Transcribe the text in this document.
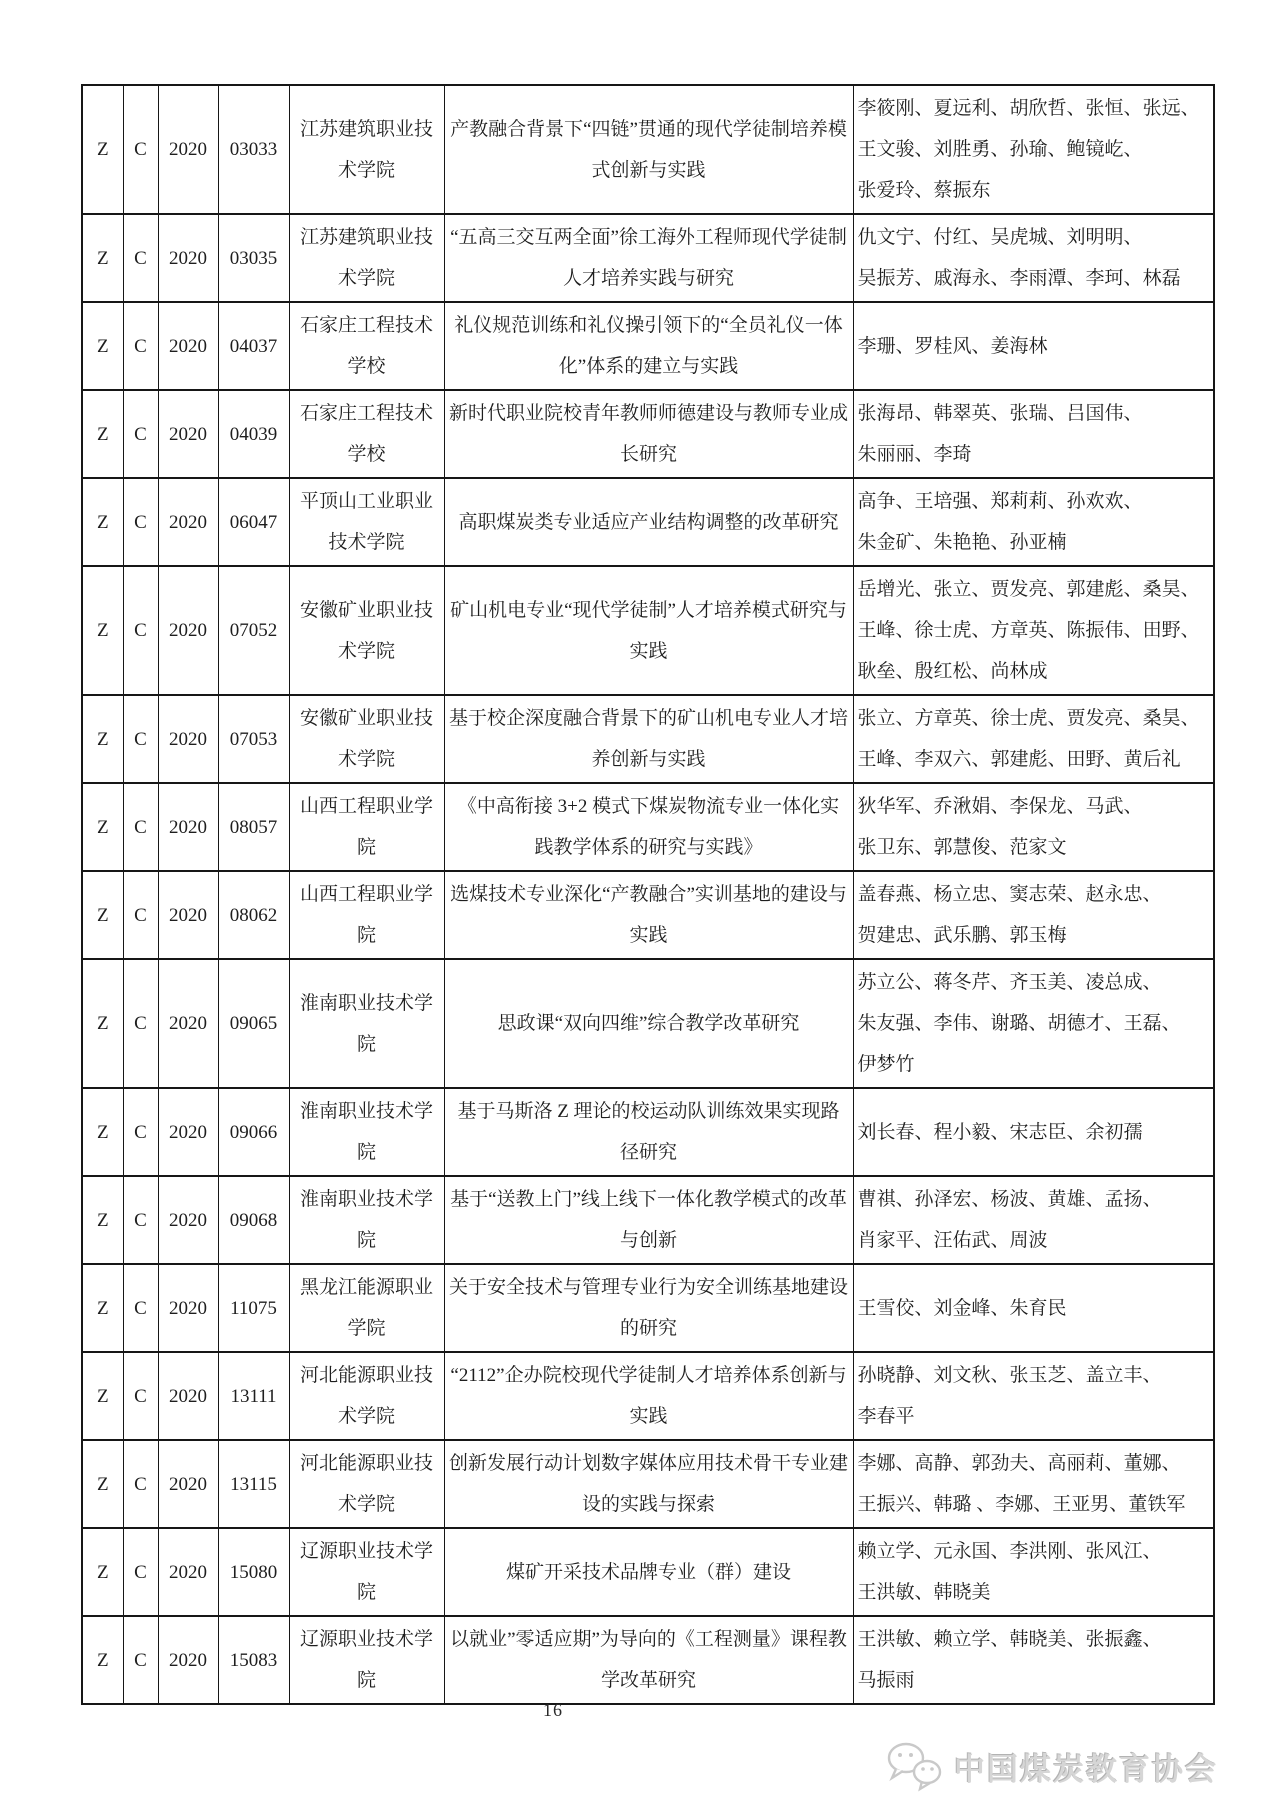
Z	C	2020	03033	江苏建筑职业技术学院	产教融合背景下“四链”贯通的现代学徒制培养模式创新与实践	李筱刚、夏远利、胡欣哲、张恒、张远、王文骏、刘胜勇、孙瑜、鲍镜屹、张爱玲、蔡振东
Z	C	2020	03035	江苏建筑职业技术学院	“五高三交互两全面”徐工海外工程师现代学徒制人才培养实践与研究	仇文宁、付红、吴虎城、刘明明、吴振芳、戚海永、李雨潭、李珂、林磊
Z	C	2020	04037	石家庄工程技术学校	礼仪规范训练和礼仪操引领下的“全员礼仪一体化”体系的建立与实践	李珊、罗桂风、姜海林
Z	C	2020	04039	石家庄工程技术学校	新时代职业院校青年教师师德建设与教师专业成长研究	张海昂、韩翠英、张瑞、吕国伟、朱丽丽、李琦
Z	C	2020	06047	平顶山工业职业技术学院	高职煤炭类专业适应产业结构调整的改革研究	高争、王培强、郑莉莉、孙欢欢、朱金矿、朱艳艳、孙亚楠
Z	C	2020	07052	安徽矿业职业技术学院	矿山机电专业“现代学徒制”人才培养模式研究与实践	岳增光、张立、贾发亮、郭建彪、桑昊、王峰、徐士虎、方章英、陈振伟、田野、耿垒、殷红松、尚林成
Z	C	2020	07053	安徽矿业职业技术学院	基于校企深度融合背景下的矿山机电专业人才培养创新与实践	张立、方章英、徐士虎、贾发亮、桑昊、王峰、李双六、郭建彪、田野、黄后礼
Z	C	2020	08057	山西工程职业学院	《中高衔接 3+2 模式下煤炭物流专业一体化实践教学体系的研究与实践》	狄华军、乔湫娟、李保龙、马武、张卫东、郭慧俊、范家文
Z	C	2020	08062	山西工程职业学院	选煤技术专业深化“产教融合”实训基地的建设与实践	盖春燕、杨立忠、窦志荣、赵永忠、贺建忠、武乐鹏、郭玉梅
Z	C	2020	09065	淮南职业技术学院	思政课“双向四维”综合教学改革研究	苏立公、蒋冬芹、齐玉美、凌总成、朱友强、李伟、谢璐、胡德才、王磊、伊梦竹
Z	C	2020	09066	淮南职业技术学院	基于马斯洛 Z 理论的校运动队训练效果实现路径研究	刘长春、程小毅、宋志臣、余初孺
Z	C	2020	09068	淮南职业技术学院	基于“送教上门”线上线下一体化教学模式的改革与创新	曹祺、孙泽宏、杨波、黄雄、孟扬、肖家平、汪佑武、周波
Z	C	2020	11075	黑龙江能源职业学院	关于安全技术与管理专业行为安全训练基地建设的研究	王雪佼、刘金峰、朱育民
Z	C	2020	13111	河北能源职业技术学院	“2112”企办院校现代学徒制人才培养体系创新与实践	孙晓静、刘文秋、张玉芝、盖立丰、李春平
Z	C	2020	13115	河北能源职业技术学院	创新发展行动计划数字媒体应用技术骨干专业建设的实践与探索	李娜、高静、郭劲夫、高丽莉、董娜、王振兴、韩璐 、李娜、王亚男、董铁军
Z	C	2020	15080	辽源职业技术学院	煤矿开采技术品牌专业（群）建设	赖立学、元永国、李洪刚、张风江、王洪敏、韩晓美
Z	C	2020	15083	辽源职业技术学院	以就业”零适应期”为导向的《工程测量》课程教学改革研究	王洪敏、赖立学、韩晓美、张振鑫、马振雨
16
中国煤炭教育协会
